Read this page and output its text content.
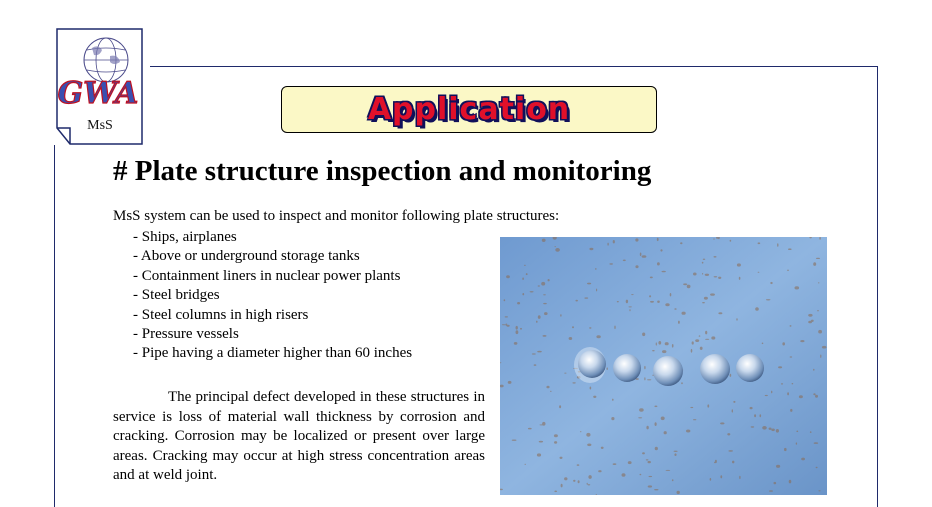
GWA
MsS	Application
# Plate structure inspection and monitoring
MsS system can be used to inspect and monitor following plate structures:
- Ships, airplanes
- Above or underground storage tanks
- Containment liners in nuclear power plants
- Steel bridges
- Steel columns in high risers
- Pressure vessels
- Pipe having a diameter higher than 60 inches

The principal defect developed in these structures in service is loss of material wall thickness by corrosion and cracking. Corrosion may be localized or present over large areas. Cracking may occur at high stress concentration areas and at weld joint.
